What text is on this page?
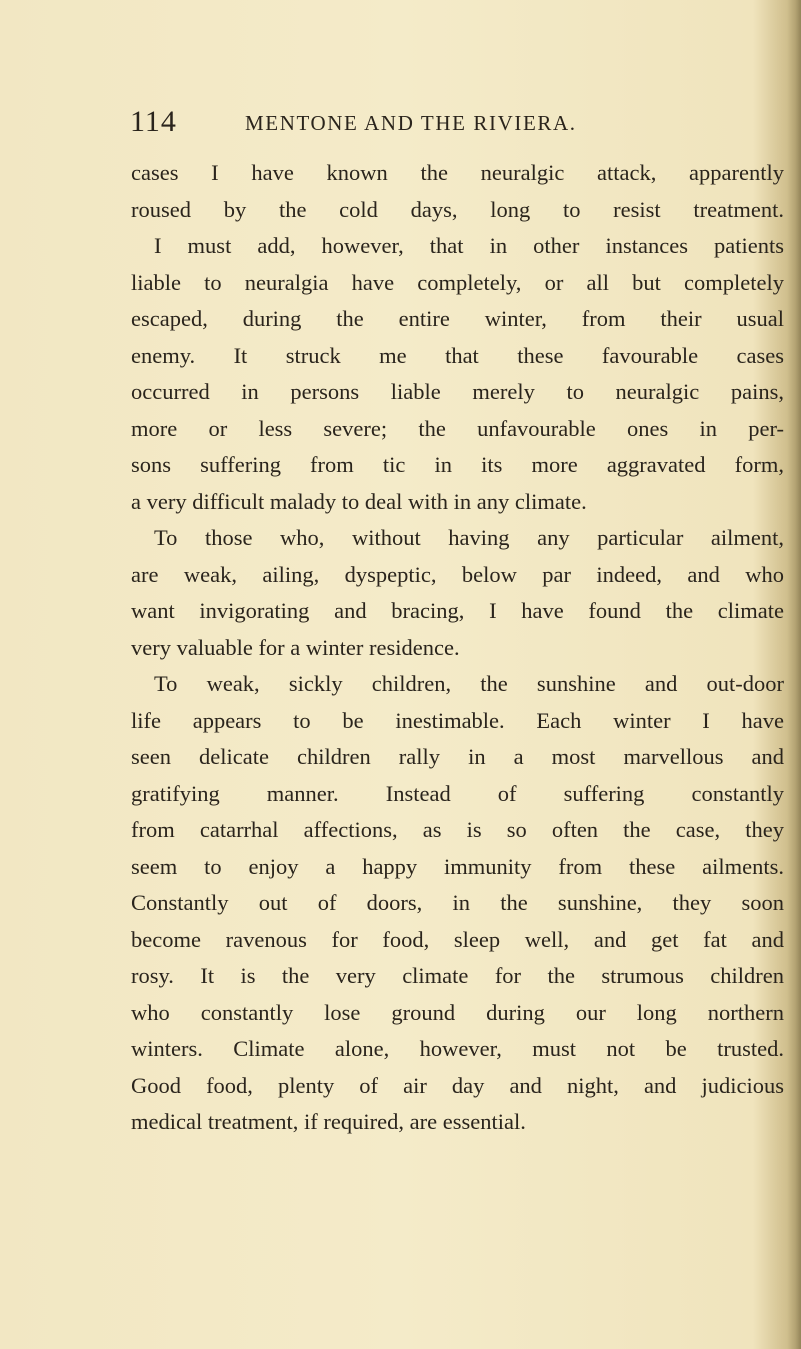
114	MENTONE AND THE RIVIERA.
cases I have known the neuralgic attack, apparently
roused by the cold days, long to resist treatment.
I must add, however, that in other instances patients
liable to neuralgia have completely, or all but completely
escaped, during the entire winter, from their usual
enemy. It struck me that these favourable cases
occurred in persons liable merely to neuralgic pains,
more or less severe; the unfavourable ones in per-
sons suffering from tic in its more aggravated form,
a very difficult malady to deal with in any climate.
To those who, without having any particular ailment,
are weak, ailing, dyspeptic, below par indeed, and who
want invigorating and bracing, I have found the climate
very valuable for a winter residence.
To weak, sickly children, the sunshine and out-door
life appears to be inestimable. Each winter I have
seen delicate children rally in a most marvellous and
gratifying manner. Instead of suffering constantly
from catarrhal affections, as is so often the case, they
seem to enjoy a happy immunity from these ailments.
Constantly out of doors, in the sunshine, they soon
become ravenous for food, sleep well, and get fat and
rosy. It is the very climate for the strumous children
who constantly lose ground during our long northern
winters. Climate alone, however, must not be trusted.
Good food, plenty of air day and night, and judicious
medical treatment, if required, are essential.
